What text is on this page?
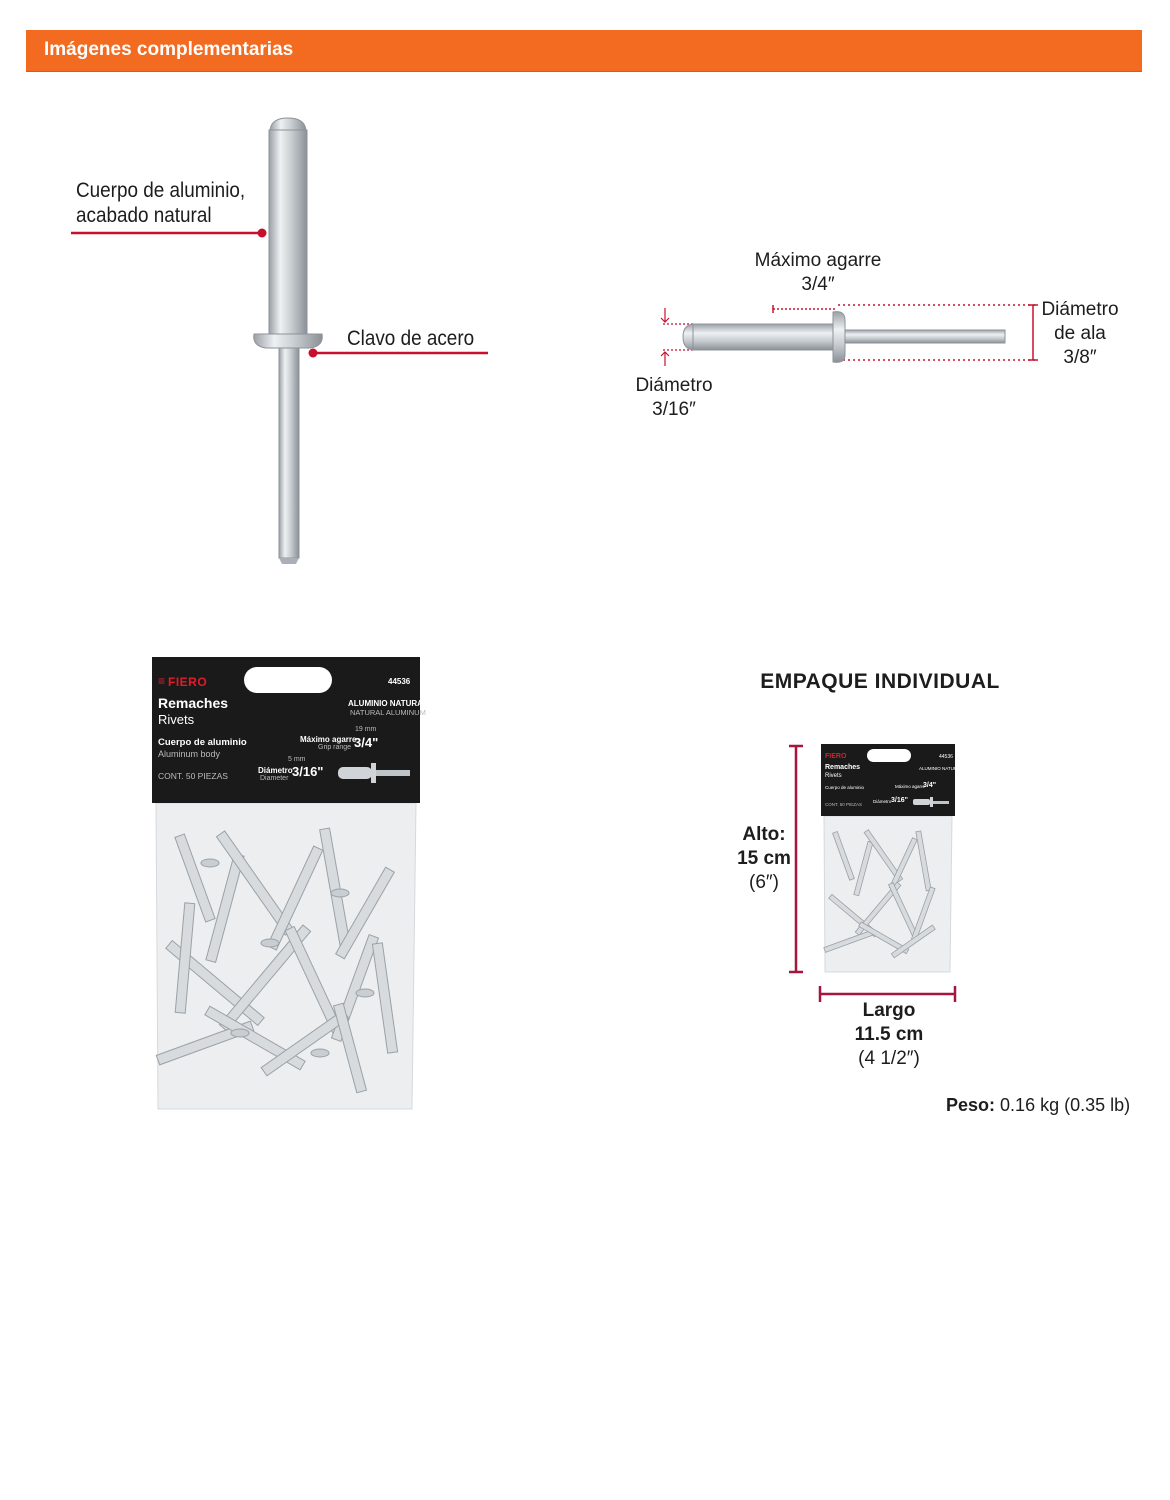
Imágenes complementarias
Cuerpo de aluminio,
acabado natural
Clavo de acero
Máximo agarre
3/4″
Diámetro
de ala
3/8″
Diámetro
3/16″
≡ FIERO	44536
Remaches
Rivets
ALUMINIO NATURAL
NATURAL ALUMINUM
Cuerpo de aluminio
Aluminum body
CONT. 50 PIEZAS
19 mm
Máximo agarre
Grip range 3/4"
5 mm
Diámetro
Diameter 3/16"
EMPAQUE INDIVIDUAL
Alto:
15 cm
(6″)
FIERO	44536
Remaches
Rivets
ALUMINIO NATURAL
Cuerpo de aluminio
CONT. 50 PIEZAS
Máximo agarre
3/4"
Diámetro 3/16"
Largo
11.5 cm
(4 1/2″)
Peso: 0.16 kg (0.35 lb)
